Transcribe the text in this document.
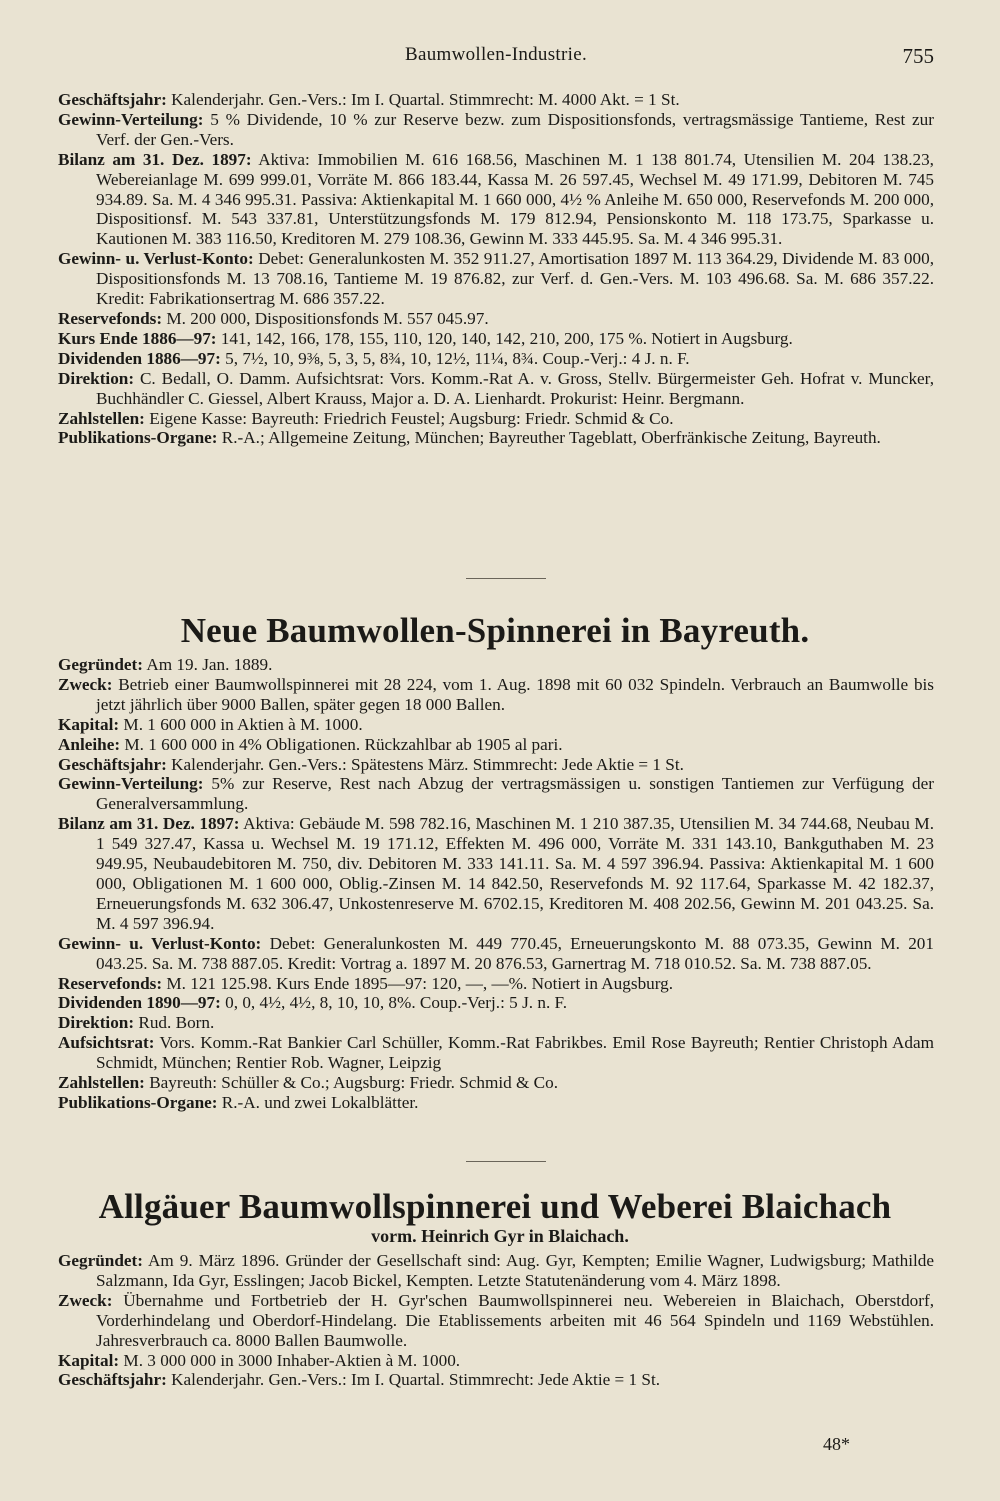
Baumwollen-Industrie.	755

Geschäftsjahr: Kalenderjahr. Gen.-Vers.: Im I. Quartal. Stimmrecht: M. 4000 Akt. = 1 St.

Gewinn-Verteilung: 5 % Dividende, 10 % zur Reserve bezw. zum Dispositionsfonds, vertragsmässige Tantieme, Rest zur Verf. der Gen.-Vers.

Bilanz am 31. Dez. 1897: Aktiva: Immobilien M. 616 168.56, Maschinen M. 1 138 801.74, Utensilien M. 204 138.23, Webereianlage M. 699 999.01, Vorräte M. 866 183.44, Kassa M. 26 597.45, Wechsel M. 49 171.99, Debitoren M. 745 934.89. Sa. M. 4 346 995.31. Passiva: Aktienkapital M. 1 660 000, 4½ % Anleihe M. 650 000, Reservefonds M. 200 000, Dispositionsf. M. 543 337.81, Unterstützungsfonds M. 179 812.94, Pensionskonto M. 118 173.75, Sparkasse u. Kautionen M. 383 116.50, Kreditoren M. 279 108.36, Gewinn M. 333 445.95. Sa. M. 4 346 995.31.

Gewinn- u. Verlust-Konto: Debet: Generalunkosten M. 352 911.27, Amortisation 1897 M. 113 364.29, Dividende M. 83 000, Dispositionsfonds M. 13 708.16, Tantieme M. 19 876.82, zur Verf. d. Gen.-Vers. M. 103 496.68. Sa. M. 686 357.22. Kredit: Fabrikationsertrag M. 686 357.22.

Reservefonds: M. 200 000, Dispositionsfonds M. 557 045.97.

Kurs Ende 1886—97: 141, 142, 166, 178, 155, 110, 120, 140, 142, 210, 200, 175 %. Notiert in Augsburg.

Dividenden 1886—97: 5, 7½, 10, 9⅜, 5, 3, 5, 8¾, 10, 12½, 11¼, 8¾. Coup.-Verj.: 4 J. n. F.

Direktion: C. Bedall, O. Damm. Aufsichtsrat: Vors. Komm.-Rat A. v. Gross, Stellv. Bürgermeister Geh. Hofrat v. Muncker, Buchhändler C. Giessel, Albert Krauss, Major a. D. A. Lienhardt. Prokurist: Heinr. Bergmann.

Zahlstellen: Eigene Kasse: Bayreuth: Friedrich Feustel; Augsburg: Friedr. Schmid & Co.

Publikations-Organe: R.-A.; Allgemeine Zeitung, München; Bayreuther Tageblatt, Oberfränkische Zeitung, Bayreuth.

Neue Baumwollen-Spinnerei in Bayreuth.

Gegründet: Am 19. Jan. 1889.

Zweck: Betrieb einer Baumwollspinnerei mit 28 224, vom 1. Aug. 1898 mit 60 032 Spindeln. Verbrauch an Baumwolle bis jetzt jährlich über 9000 Ballen, später gegen 18 000 Ballen.

Kapital: M. 1 600 000 in Aktien à M. 1000.

Anleihe: M. 1 600 000 in 4% Obligationen. Rückzahlbar ab 1905 al pari.

Geschäftsjahr: Kalenderjahr. Gen.-Vers.: Spätestens März. Stimmrecht: Jede Aktie = 1 St.

Gewinn-Verteilung: 5% zur Reserve, Rest nach Abzug der vertragsmässigen u. sonstigen Tantiemen zur Verfügung der Generalversammlung.

Bilanz am 31. Dez. 1897: Aktiva: Gebäude M. 598 782.16, Maschinen M. 1 210 387.35, Utensilien M. 34 744.68, Neubau M. 1 549 327.47, Kassa u. Wechsel M. 19 171.12, Effekten M. 496 000, Vorräte M. 331 143.10, Bankguthaben M. 23 949.95, Neubaudebitoren M. 750, div. Debitoren M. 333 141.11. Sa. M. 4 597 396.94. Passiva: Aktienkapital M. 1 600 000, Obligationen M. 1 600 000, Oblig.-Zinsen M. 14 842.50, Reservefonds M. 92 117.64, Sparkasse M. 42 182.37, Erneuerungsfonds M. 632 306.47, Unkostenreserve M. 6702.15, Kreditoren M. 408 202.56, Gewinn M. 201 043.25. Sa. M. 4 597 396.94.

Gewinn- u. Verlust-Konto: Debet: Generalunkosten M. 449 770.45, Erneuerungskonto M. 88 073.35, Gewinn M. 201 043.25. Sa. M. 738 887.05. Kredit: Vortrag a. 1897 M. 20 876.53, Garnertrag M. 718 010.52. Sa. M. 738 887.05.

Reservefonds: M. 121 125.98. Kurs Ende 1895—97: 120, —, —%. Notiert in Augsburg.

Dividenden 1890—97: 0, 0, 4½, 4½, 8, 10, 10, 8%. Coup.-Verj.: 5 J. n. F.

Direktion: Rud. Born.

Aufsichtsrat: Vors. Komm.-Rat Bankier Carl Schüller, Komm.-Rat Fabrikbes. Emil Rose Bayreuth; Rentier Christoph Adam Schmidt, München; Rentier Rob. Wagner, Leipzig

Zahlstellen: Bayreuth: Schüller & Co.; Augsburg: Friedr. Schmid & Co.

Publikations-Organe: R.-A. und zwei Lokalblätter.

Allgäuer Baumwollspinnerei und Weberei Blaichach
vorm. Heinrich Gyr in Blaichach.

Gegründet: Am 9. März 1896. Gründer der Gesellschaft sind: Aug. Gyr, Kempten; Emilie Wagner, Ludwigsburg; Mathilde Salzmann, Ida Gyr, Esslingen; Jacob Bickel, Kempten. Letzte Statutenänderung vom 4. März 1898.

Zweck: Übernahme und Fortbetrieb der H. Gyr'schen Baumwollspinnerei neu. Webereien in Blaichach, Oberstdorf, Vorderhindelang und Oberdorf-Hindelang. Die Etablissements arbeiten mit 46 564 Spindeln und 1169 Webstühlen. Jahresverbrauch ca. 8000 Ballen Baumwolle.

Kapital: M. 3 000 000 in 3000 Inhaber-Aktien à M. 1000.

Geschäftsjahr: Kalenderjahr. Gen.-Vers.: Im I. Quartal. Stimmrecht: Jede Aktie = 1 St.

48*
